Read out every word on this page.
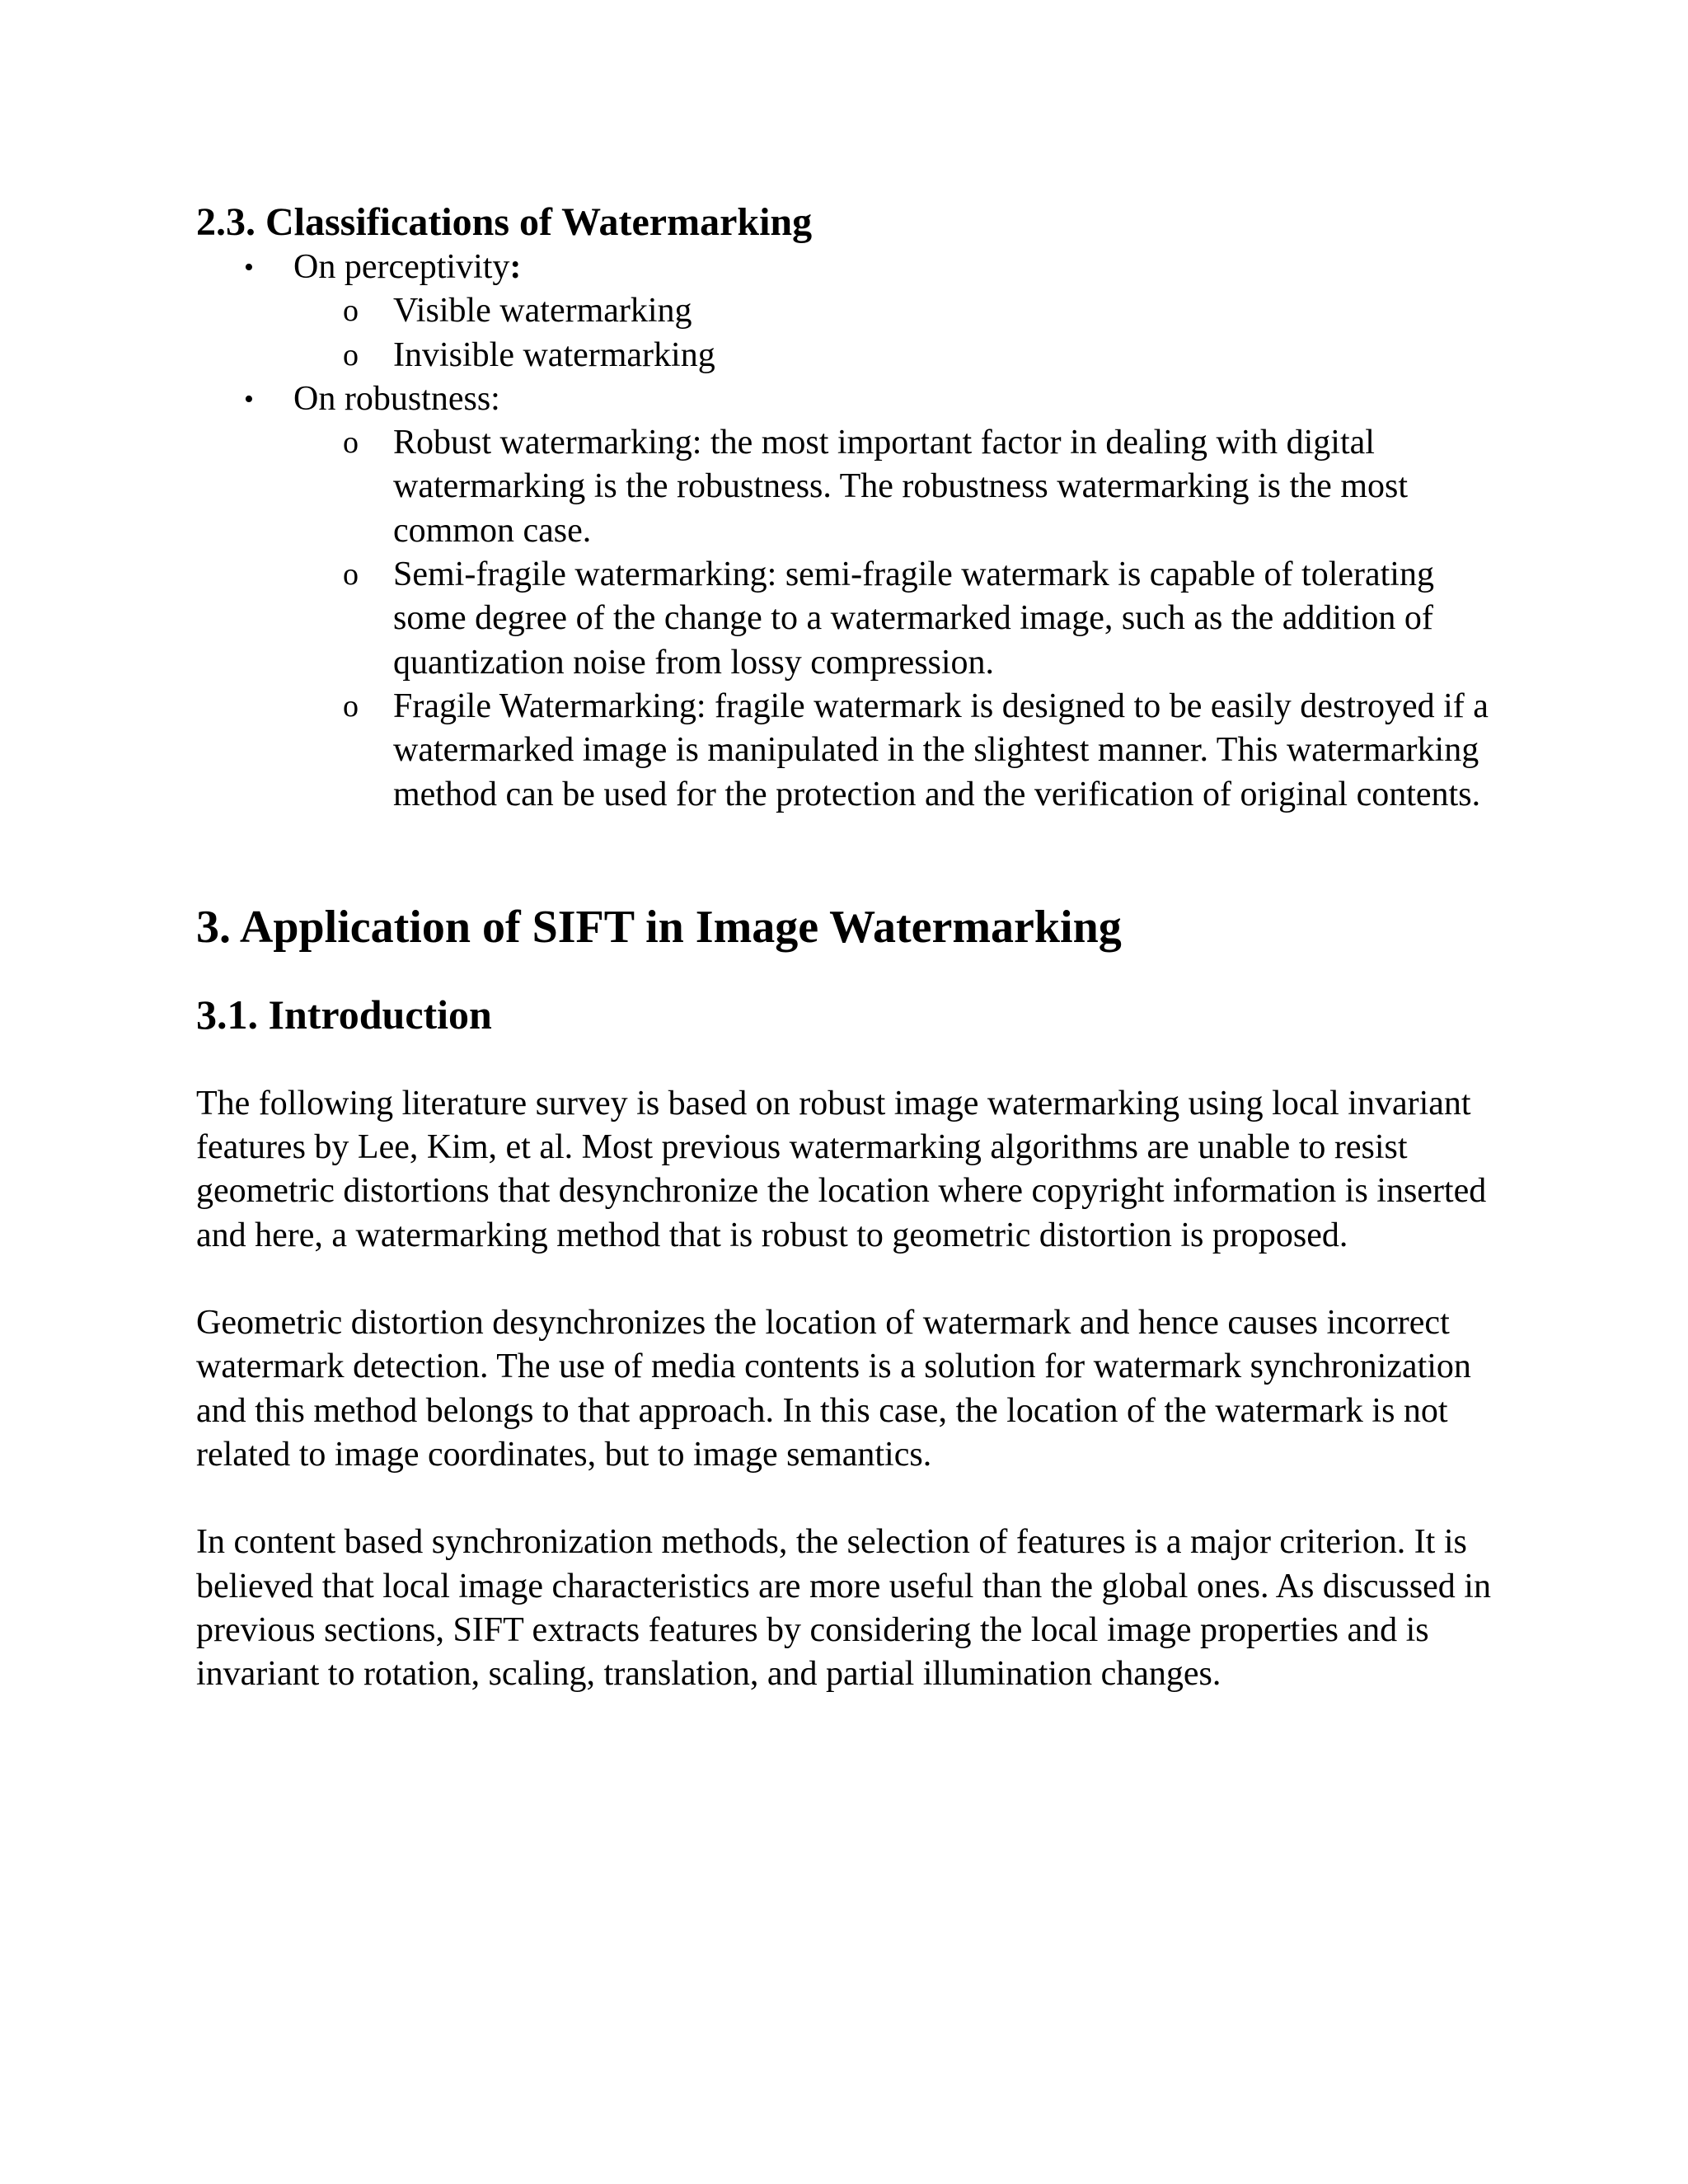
2.3. Classifications of Watermarking
• On perceptivity:
o Visible watermarking
o Invisible watermarking
• On robustness:
o Robust watermarking: the most important factor in dealing with digital watermarking is the robustness. The robustness watermarking is the most common case.
o Semi-fragile watermarking: semi-fragile watermark is capable of tolerating some degree of the change to a watermarked image, such as the addition of quantization noise from lossy compression.
o Fragile Watermarking: fragile watermark is designed to be easily destroyed if a watermarked image is manipulated in the slightest manner. This watermarking method can be used for the protection and the verification of original contents.
3. Application of SIFT in Image Watermarking
3.1. Introduction

The following literature survey is based on robust image watermarking using local invariant features by Lee, Kim, et al. Most previous watermarking algorithms are unable to resist geometric distortions that desynchronize the location where copyright information is inserted and here, a watermarking method that is robust to geometric distortion is proposed.

Geometric distortion desynchronizes the location of watermark and hence causes incorrect watermark detection. The use of media contents is a solution for watermark synchronization and this method belongs to that approach. In this case, the location of the watermark is not related to image coordinates, but to image semantics.

In content based synchronization methods, the selection of features is a major criterion. It is believed that local image characteristics are more useful than the global ones. As discussed in previous sections, SIFT extracts features by considering the local image properties and is invariant to rotation, scaling, translation, and partial illumination changes.
